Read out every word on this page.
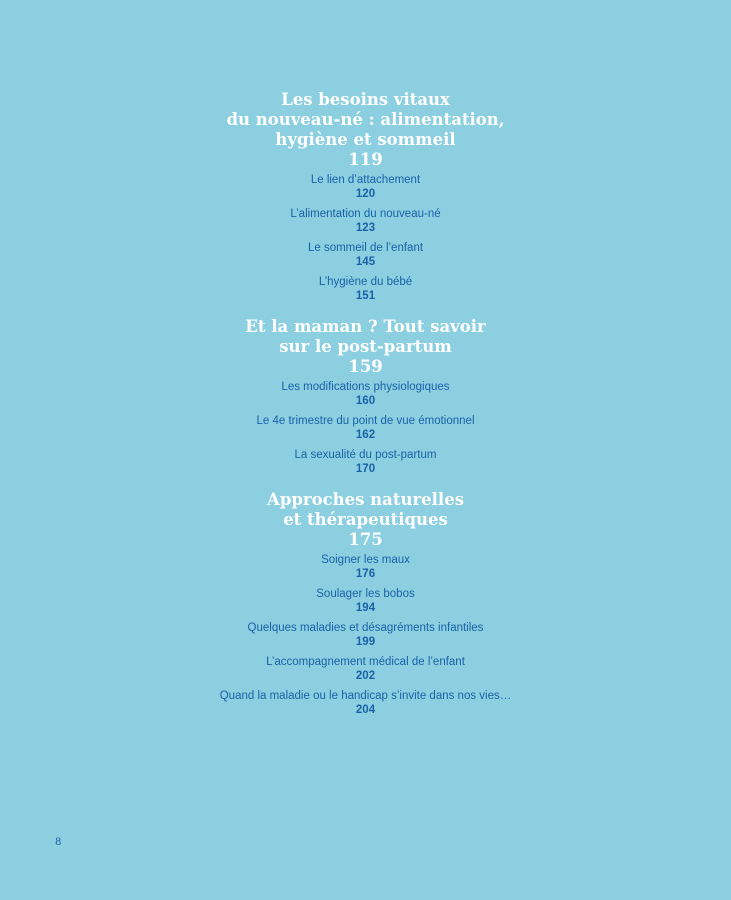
Les besoins vitaux
du nouveau-né : alimentation,
hygiène et sommeil

119

Le lien d’attachement
120
L’alimentation du nouveau-né
123
Le sommeil de l’enfant
145
L’hygiène du bébé
151

Et la maman ? Tout savoir
sur le post-partum

159

Les modifications physiologiques
160
Le 4e trimestre du point de vue émotionnel
162
La sexualité du post-partum
170

Approches naturelles
et thérapeutiques

175

Soigner les maux
176
Soulager les bobos
194
Quelques maladies et désagréments infantiles
199
L’accompagnement médical de l’enfant
202
Quand la maladie ou le handicap s’invite dans nos vies…
204
8
